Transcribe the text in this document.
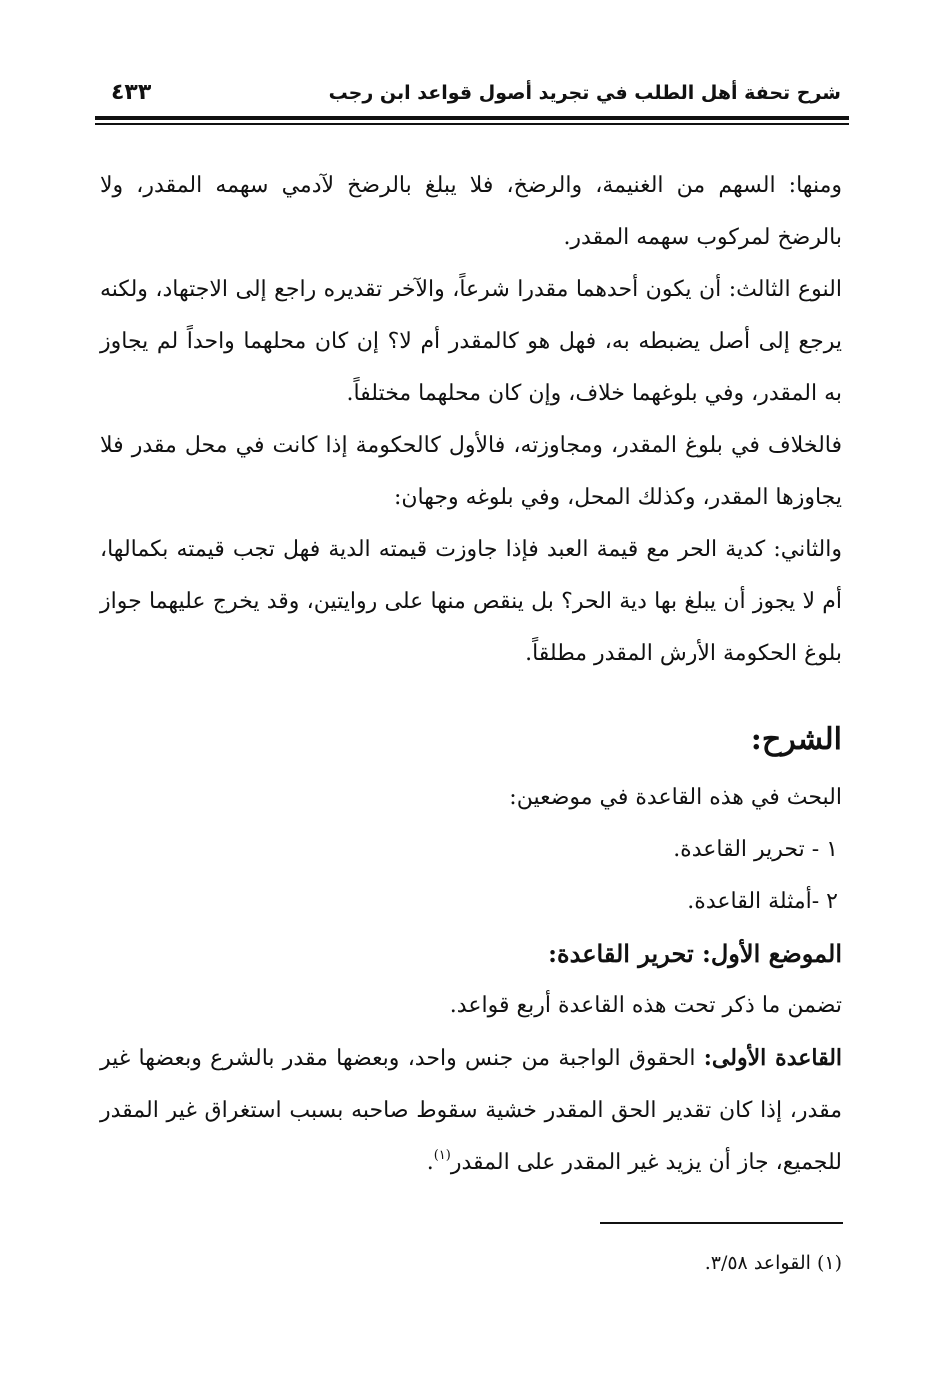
شرح تحفة أهل الطلب في تجريد أصول قواعد ابن رجب
٤٣٣

ومنها: السهم من الغنيمة، والرضخ، فلا يبلغ بالرضخ لآدمي سهمه المقدر، ولا بالرضخ لمركوب سهمه المقدر.

النوع الثالث: أن يكون أحدهما مقدرا شرعاً، والآخر تقديره راجع إلى الاجتهاد، ولكنه يرجع إلى أصل يضبطه به، فهل هو كالمقدر أم لا؟ إن كان محلهما واحداً لم يجاوز به المقدر، وفي بلوغهما خلاف، وإن كان محلهما مختلفاً.

فالخلاف في بلوغ المقدر، ومجاوزته، فالأول كالحكومة إذا كانت في محل مقدر فلا يجاوزها المقدر، وكذلك المحل، وفي بلوغه وجهان:

والثاني: كدية الحر مع قيمة العبد فإذا جاوزت قيمته الدية فهل تجب قيمته بكمالها، أم لا يجوز أن يبلغ بها دية الحر؟ بل ينقص منها على روايتين، وقد يخرج عليهما جواز بلوغ الحكومة الأرش المقدر مطلقاً.

الشرح:

البحث في هذه القاعدة في موضعين:

١ - تحرير القاعدة.

٢ -أمثلة القاعدة.

الموضع الأول: تحرير القاعدة:

تضمن ما ذكر تحت هذه القاعدة أربع قواعد.

القاعدة الأولى: الحقوق الواجبة من جنس واحد، وبعضها مقدر بالشرع وبعضها غير مقدر، إذا كان تقدير الحق المقدر خشية سقوط صاحبه بسبب استغراق غير المقدر للجميع، جاز أن يزيد غير المقدر على المقدر$^{(١)}$.

(١) القواعد ٣/٥٨.
